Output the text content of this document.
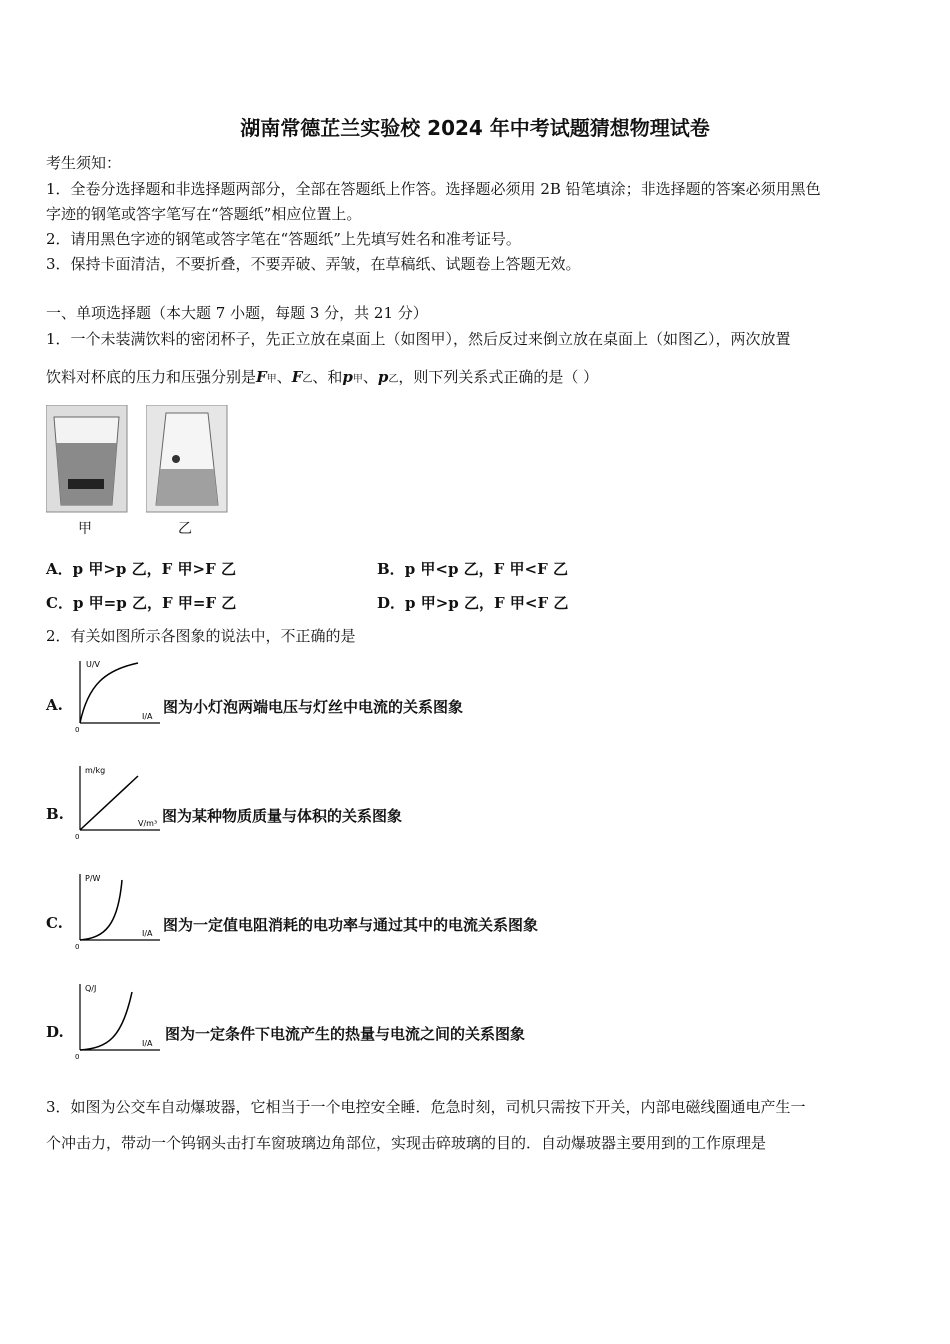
湖南常德芷兰实验校 2024 年中考试题猜想物理试卷
考生须知：
1．全卷分选择题和非选择题两部分，全部在答题纸上作答。选择题必须用 2B 铅笔填涂；非选择题的答案必须用黑色
字迹的钢笔或答字笔写在“答题纸”相应位置上。
2．请用黑色字迹的钢笔或答字笔在“答题纸”上先填写姓名和准考证号。
3．保持卡面清洁，不要折叠，不要弄破、弄皱，在草稿纸、试题卷上答题无效。
一、单项选择题（本大题 7 小题，每题 3 分，共 21 分）
1．一个未装满饮料的密闭杯子，先正立放在桌面上（如图甲），然后反过来倒立放在桌面上（如图乙），两次放置
饮料对杯底的压力和压强分别是F甲、F乙、和p甲、p乙，则下列关系式正确的是（ ）
甲	乙
A．p 甲>p 乙，F 甲>F 乙	B．p 甲<p 乙，F 甲<F 乙
C．p 甲=p 乙，F 甲=F 乙	D．p 甲>p 乙，F 甲<F 乙
2．有关如图所示各图象的说法中，不正确的是
A.
U/V
I/A
0
图为小灯泡两端电压与灯丝中电流的关系图象
B.
m/kg
V/m³
0
图为某种物质质量与体积的关系图象
C.
P/W
I/A
0
图为一定值电阻消耗的电功率与通过其中的电流关系图象
D.
Q/J
I/A
0
图为一定条件下电流产生的热量与电流之间的关系图象
3．如图为公交车自动爆玻器，它相当于一个电控安全睡．危急时刻，司机只需按下开关，内部电磁线圈通电产生一
个冲击力，带动一个钨钢头击打车窗玻璃边角部位，实现击碎玻璃的目的．自动爆玻器主要用到的工作原理是
